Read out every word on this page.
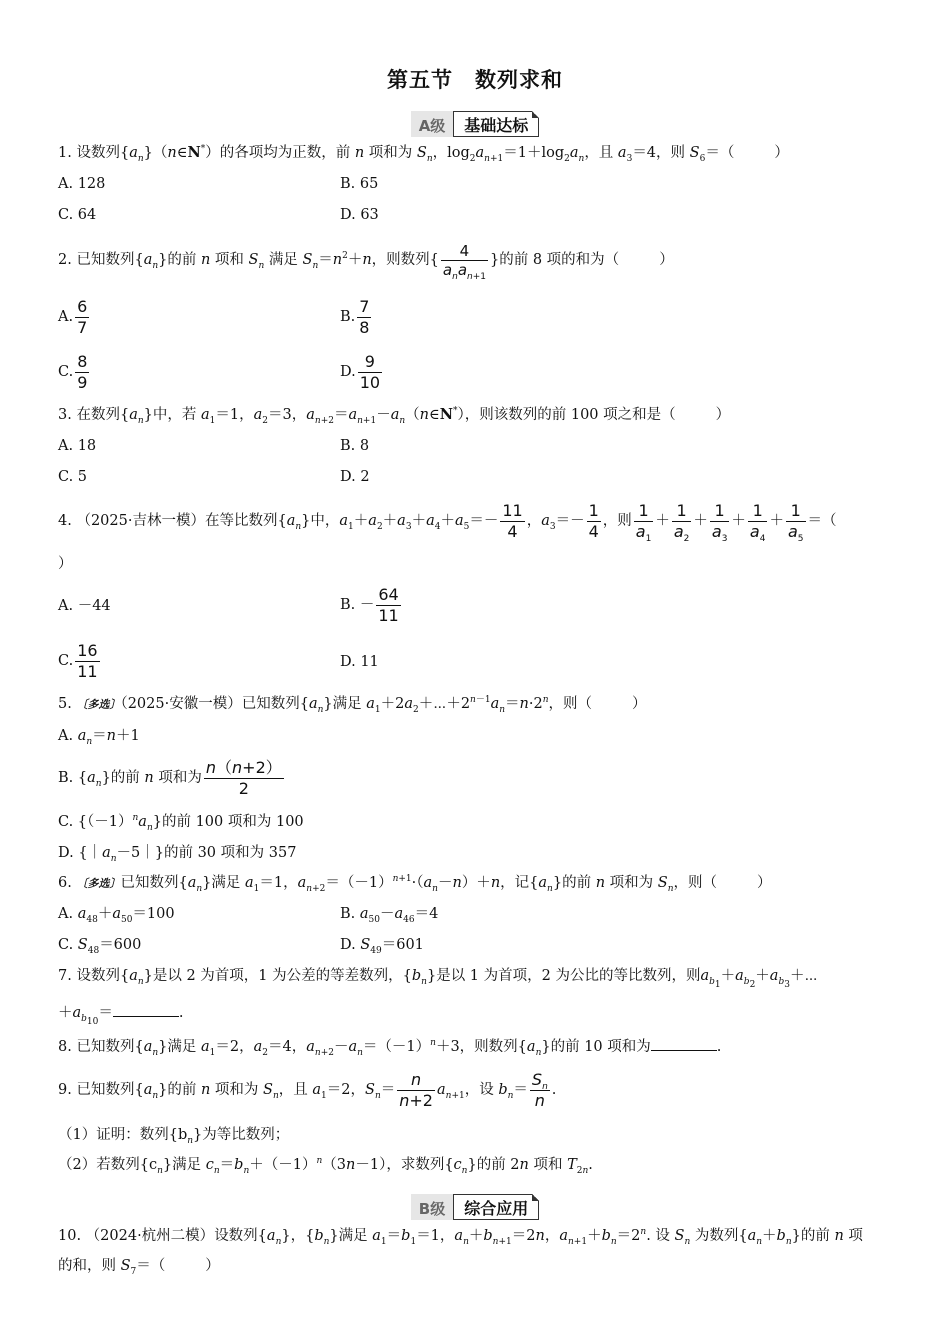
第五节　数列求和
A级	基础达标
1. 设数列$\{a_n\}(n\in N^*)$的各项均为正数，前 n 项和为 $S_n$，$\log_2a_{n+1}=1+\log_2a_n$，且 $a_3=4$，则 $S_6=$（	）
A. 128	B. 65
C. 64	D. 63
2. 已知数列$\{a_n\}$的前 n 项和 $S_n$ 满足 $S_n=n^2+n$，则数列{ $\frac{4}{a_na_{n+1}}$ }的前 8 项的和为（	）
A. $\frac{6}{7}$	B. $\frac{7}{8}$
C. $\frac{8}{9}$	D. $\frac{9}{10}$
3. 在数列$\{a_n\}$中，若 $a_1=1$，$a_2=3$，$a_{n+2}=a_{n+1}-a_n(n\in N^*)$，则该数列的前 100 项之和是（	）
A. 18	B. 8
C. 5	D. 2
4. （2025·吉林一模）在等比数列$\{a_n\}$中，$a_1+a_2+a_3+a_4+a_5=- \frac{11}{4}$ ，$a_3=- \frac{1}{4}$ ，则 $\frac{1}{a_1} + \frac{1}{a_2} + \frac{1}{a_3} + \frac{1}{a_4} + \frac{1}{a_5}$ ＝（
）
A. －44	B. － $\frac{64}{11}$
C. $\frac{16}{11}$	D. 11
5. 〔多选〕（2025·安徽一模）已知数列$\{a_n\}$满足 $a_1+2a_2+\cdots+2^{n-1}a_n=n\cdot 2^n$，则（	）
A. $a_n=n+1$
B. $\{a_n\}$的前 n 项和为 $\frac{n(n+2)}{2}$
C. $\{(-1)^na_n\}$的前 100 项和为 100
D. $\{|a_n-5|\}$的前 30 项和为 357
6. 〔多选〕已知数列$\{a_n\}$满足 $a_1=1$，$a_{n+2}=(-1)^{n+1}\cdot(a_n-n)+n$，记$\{a_n\}$的前 n 项和为 $S_n$，则（	）
A. $a_{48}+a_{50}=100$	B. $a_{50}-a_{46}=4$
C. $S_{48}=600$	D. $S_{49}=601$
7. 设数列$\{a_n\}$是以 2 为首项，1 为公差的等差数列，$\{b_n\}$是以 1 为首项，2 为公比的等比数列，则$a_{b_1}+a_{b_2}+a_{b_3}+\cdots$
$+a_{b_{10}}=$	.
8. 已知数列$\{a_n\}$满足 $a_1=2$，$a_2=4$，$a_{n+2}-a_n=(-1)^n+3$，则数列$\{a_n\}$的前 10 项和为	.
9. 已知数列$\{a_n\}$的前 n 项和为 $S_n$，且 $a_1=2$，$S_n= \frac{n}{n+2} a_{n+1}$，设 $b_n= \frac{S_n}{n}$ .
（1）证明：数列$\{b_n\}$为等比数列；
（2）若数列$\{c_n\}$满足 $c_n=b_n+(-1)^n(3n-1)$，求数列$\{c_n\}$的前 2n 项和 $T_{2n}$.
B级	综合应用
10. （2024·杭州二模）设数列$\{a_n\}$，$\{b_n\}$满足 $a_1=b_1=1$，$a_n+b_{n+1}=2n$，$a_{n+1}+b_n=2^n$. 设 $S_n$ 为数列$\{a_n+b_n\}$的前 n 项
的和，则 $S_7=$（	）
